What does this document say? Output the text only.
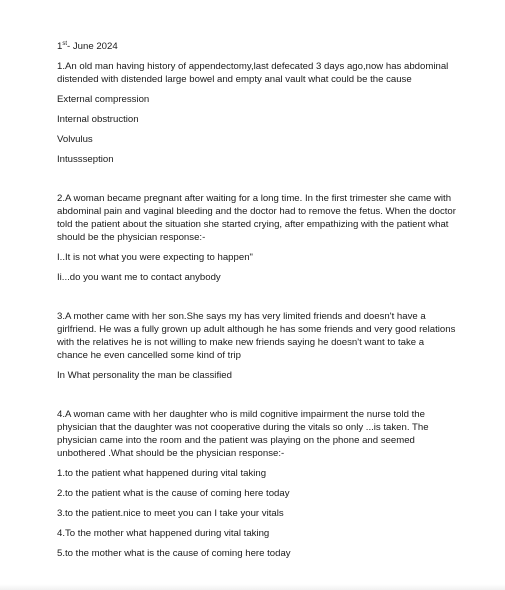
1st- June 2024

1.An old man having history of appendectomy,last defecated 3 days ago,now has abdominal distended with distended large bowel and empty anal vault what could be the cause

External compression

Internal obstruction

Volvulus

Intussseption

2.A woman became pregnant after waiting for a long time. In the first trimester she came with abdominal pain and vaginal bleeding and the doctor had to remove the fetus. When the doctor told the patient about the situation she started crying, after empathizing with the patient what should be the physician response:-

I..It is not what you were expecting to happen"

Ii...do you want me to contact anybody

3.A mother came with her son.She says my has very limited friends and doesn't have a girlfriend. He was a fully grown up adult although he has some friends and very good relations with the relatives he is not willing to make new friends saying he doesn't want to take a chance he even cancelled some kind of trip

In What personality the man be classified

4.A woman came with her daughter who is mild cognitive impairment the nurse told the physician that the daughter was not cooperative during the vitals so only ...is taken. The physician came into the room and the patient was playing on the phone and seemed unbothered .What should be the physician response:-

1.to the patient what happened during vital taking

2.to the patient what is the cause of coming here today

3.to the patient.nice to meet you can I take your vitals

4.To the mother what happened during vital taking

5.to the mother what is the cause of coming here today
